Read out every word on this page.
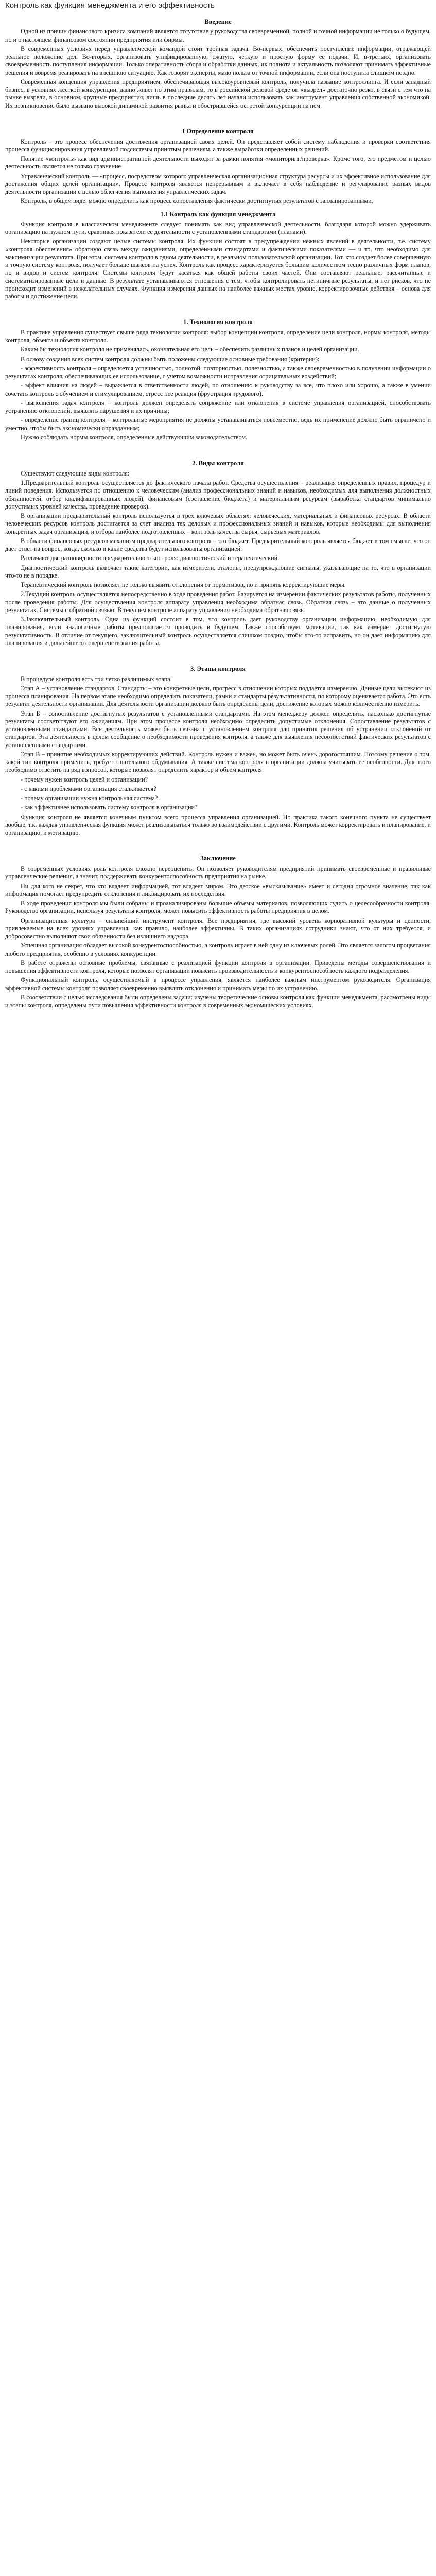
Контроль как функция менеджмента и его эффективность
Введение

Одной из причин финансового кризиса компаний является отсутствие у руководства своевременной, полной и точной информации не только о будущем, но и о настоящем финансовом состоянии предприятия или фирмы.

В современных условиях перед управленческой командой стоит тройная задача. Во-первых, обеспечить поступление информации, отражающей реальное положение дел. Во-вторых, организовать унифицированную, сжатую, четкую и простую форму ее подачи. И, в-третьих, организовать своевременность поступления информации. Только оперативность сбора и обработки данных, их полнота и актуальность позволяют принимать эффективные решения и вовремя реагировать на внешнюю ситуацию. Как говорят эксперты, мало польза от точной информации, если она поступила слишком поздно.

Современная концепция управления предприятием, обеспечивающая высокоуровневый контроль, получила название контроллинга. И если западный бизнес, в условиях жесткой конкуренции, давно живет по этим правилам, то в российской деловой среде он «вызрел» достаточно резко, в связи с тем что на рынке вызрели, в основном, крупные предприятия, лишь в последние десять лет начали использовать как инструмент управления собственной экономикой. Их возникновение было вызвано высокой динамикой развития рынка и обострившейся остротой конкуренции на нем.

I Определение контроля

Контроль – это процесс обеспечения достижения организацией своих целей. Он представляет собой систему наблюдения и проверки соответствия процесса функционирования управляемой подсистемы принятым решениям, а также выработки определенных решений.

Понятие «контроль» как вид административной деятельности выходит за рамки понятия «мониторинг/проверка». Кроме того, его предметом и целью деятельность является не только сравнение

Управленческий контроль — «процесс, посредством которого управленческая организационная структура ресурсы и их эффективное использование для достижения общих целей организации». Процесс контроля является непрерывным и включает в себя наблюдение и регулирование разных видов деятельности организации с целью облегчения выполнения управленческих задач.

Контроль, в общем виде, можно определить как процесс сопоставления фактически достигнутых результатов с запланированными.

1.1 Контроль как функция менеджмента

Функция контроля в классическом менеджменте следует понимать как вид управленческой деятельности, благодаря которой можно удерживать организацию на нужном пути, сравнивая показатели ее деятельности с установленными стандартами (планами).

Некоторые организации создают целые системы контроля. Их функции состоят в предупреждении нежных явлений в деятельности, т.е. систему «контроля обеспечения» обратную связь между ожиданиями, определенными стандартами и фактическими показателями — и то, что необходимо для максимизации результата. При этом, системы контроля в одном деятельности, в реальном пользовательской организации. Тот, кто создает более совершенную и точную систему контроля, получает больше шансов на успех. Контроль как процесс характеризуется большим количеством тесно различных форм планов, но и видов и систем контроля. Системы контроля будут касаться как общей работы своих частей. Они составляют реальные, рассчитанные и систематизированные цели и данные. В результате устанавливаются отношения с тем, чтобы контролировать нетипичные результаты, и нет рисков, что не происходит изменений в нежелательных случаях. Функция измерения данных на наиболее важных местах уровне, корректировочные действия – основа для работы и достижение цели.

1. Технология контроля

В практике управления существует свыше ряда технологии контроля: выбор концепции контроля, определение цели контроля, нормы контроля, методы контроля, объекта и объекта контроля.

Каким бы технология контроля не применялась, окончательная его цель – обеспечить различных планов и целей организации.

В основу создания всех систем контроля должны быть положены следующие основные требования (критерии):

- эффективность контроля – определяется успешностью, полнотой, повторностью, полезностью, а также своевременностью в получении информации о результатах контроля, обеспечивающих ее использование, с учетом возможности исправления отрицательных воздействий;

- эффект влияния на людей – выражается в ответственности людей, по отношению к руководству за все, что плохо или хорошо, а также в умении сочетать контроль с обучением и стимулированием, стресс нее реакция (фрустрация трудового).

- выполнения задач контроля – контроль должен определять сопряжение или отклонения в системе управления организацией, способствовать устранению отклонений, выявлять нарушения и их причины;

- определение границ контроля – контрольные мероприятия не должны устанавливаться повсеместно, ведь их применение должно быть ограничено и уместно, чтобы быть экономически оправданным;

Нужно соблюдать нормы контроля, определенные действующим законодательством.

2. Виды контроля

Существуют следующие виды контроля:

1.Предварительный контроль осуществляется до фактического начала работ. Средства осуществления – реализация определенных правил, процедур и линий поведения. Используется по отношению к человеческим (анализ профессиональных знаний и навыков, необходимых для выполнения должностных обязанностей, отбор квалифицированных людей), финансовым (составление бюджета) и материальным ресурсам (выработка стандартов минимально допустимых уровней качества, проведение проверок).

В организации предварительный контроль используется в трех ключевых областях: человеческих, материальных и финансовых ресурсах. В области человеческих ресурсов контроль достигается за счет анализа тех деловых и профессиональных знаний и навыков, которые необходимы для выполнения конкретных задач организации, и отбора наиболее подготовленных – контроль качества сырья, сырьевых материалов.

В области финансовых ресурсов механизм предварительного контроля – это бюджет. Предварительный контроль является бюджет в том смысле, что он дает ответ на вопрос, когда, сколько и какие средства будут использованы организацией.

Различают две разновидности предварительного контроля: диагностический и терапевтический.

Диагностический контроль включает такие категории, как измерители, эталоны, предупреждающие сигналы, указывающие на то, что в организации что-то не в порядке.

Терапевтический контроль позволяет не только выявить отклонения от нормативов, но и принять корректирующие меры.

2.Текущий контроль осуществляется непосредственно в ходе проведения работ. Базируется на измерении фактических результатов работы, полученных после проведения работы. Для осуществления контроля аппарату управления необходима обратная связь. Обратная связь – это данные о полученных результатах. Системы с обратной связью. В текущем контроле аппарату управления необходима обратная связь.

3.Заключительный контроль. Одна из функций состоит в том, что контроль дает руководству организации информацию, необходимую для планирования, если аналогичные работы предполагается проводить в будущем. Также способствует мотивации, так как измеряет достигнутую результативность. В отличие от текущего, заключительный контроль осуществляется слишком поздно, чтобы что-то исправить, но он дает информацию для планирования и дальнейшего совершенствования работы.

3. Этапы контроля

В процедуре контроля есть три четко различимых этапа.

Этап А – установление стандартов. Стандарты – это конкретные цели, прогресс в отношении которых поддается измерению. Данные цели вытекают из процесса планирования. На первом этапе необходимо определить показатели, рамки и стандарты результативности, по которому оценивается работа. Это есть результат деятельности организации. Для деятельности организации должно быть определены цели, достижение которых можно количественно измерить.

Этап Б – сопоставление достигнутых результатов с установленными стандартами. На этом менеджеру должен определить, насколько достигнутые результаты соответствуют его ожиданиям. При этом процессе контроля необходимо определить допустимые отклонения. Сопоставление результатов с установленными стандартами. Все деятельность может быть связана с установлением контроля для принятия решения об устранении отклонений от стандартов. Эта деятельность в целом сообщение о необходимости проведения контроля, а также для выявления несоответствий фактических результатов с установленными стандартами.

Этап В – принятие необходимых корректирующих действий. Контроль нужен и важен, но может быть очень дорогостоящим. Поэтому решение о том, какой тип контроля применить, требует тщательного обдумывания. А также система контроля в организации должна учитывать ее особенности. Для этого необходимо ответить на ряд вопросов, которые позволят определить характер и объем контроля:

- почему нужен контроль целей и организации?

- с какими проблемами организация сталкивается?

- почему организации нужна контрольная система?

- как эффективнее использовать систему контроля в организации?

Функция контроля не является конечным пунктом всего процесса управления организацией. Но практика такого конечного пункта не существует вообще, т.к. каждая управленческая функция может реализовываться только во взаимодействии с другими. Контроль может корректировать и планирование, и организацию, и мотивацию.

Заключение

В современных условиях роль контроля сложно переоценить. Он позволяет руководителям предприятий принимать своевременные и правильные управленческие решения, а значит, поддерживать конкурентоспособность предприятия на рынке.

Ни для кого не секрет, что кто владеет информацией, тот владеет миром. Это детское «высказывание» имеет и сегодня огромное значение, так как информация помогает предупредить отклонения и ликвидировать их последствия.

В ходе проведения контроля мы были собраны и проанализированы большие объемы материалов, позволяющих судить о целесообразности контроля. Руководство организации, используя результаты контроля, может повысить эффективность работы предприятия в целом.

Организационная культура – сильнейший инструмент контроля. Все предприятия, где высокий уровень корпоративной культуры и ценности, привлекаемые на всех уровнях управления, как правило, наиболее эффективны. В таких организациях сотрудники знают, что от них требуется, и добросовестно выполняют свои обязанности без излишнего надзора.

Успешная организация обладает высокой конкурентоспособностью, а контроль играет в ней одну из ключевых ролей. Это является залогом процветания любого предприятия, особенно в условиях конкуренции.

В работе отражены основные проблемы, связанные с реализацией функции контроля в организации. Приведены методы совершенствования и повышения эффективности контроля, которые позволят организации повысить производительность и конкурентоспособность каждого подразделения.

Функциональный контроль, осуществляемый в процессе управления, является наиболее важным инструментом руководителя. Организация эффективной системы контроля позволяет своевременно выявлять отклонения и принимать меры по их устранению.

В соответствии с целью исследования были определены задачи: изучены теоретические основы контроля как функции менеджмента, рассмотрены виды и этапы контроля, определены пути повышения эффективности контроля в современных экономических условиях.
